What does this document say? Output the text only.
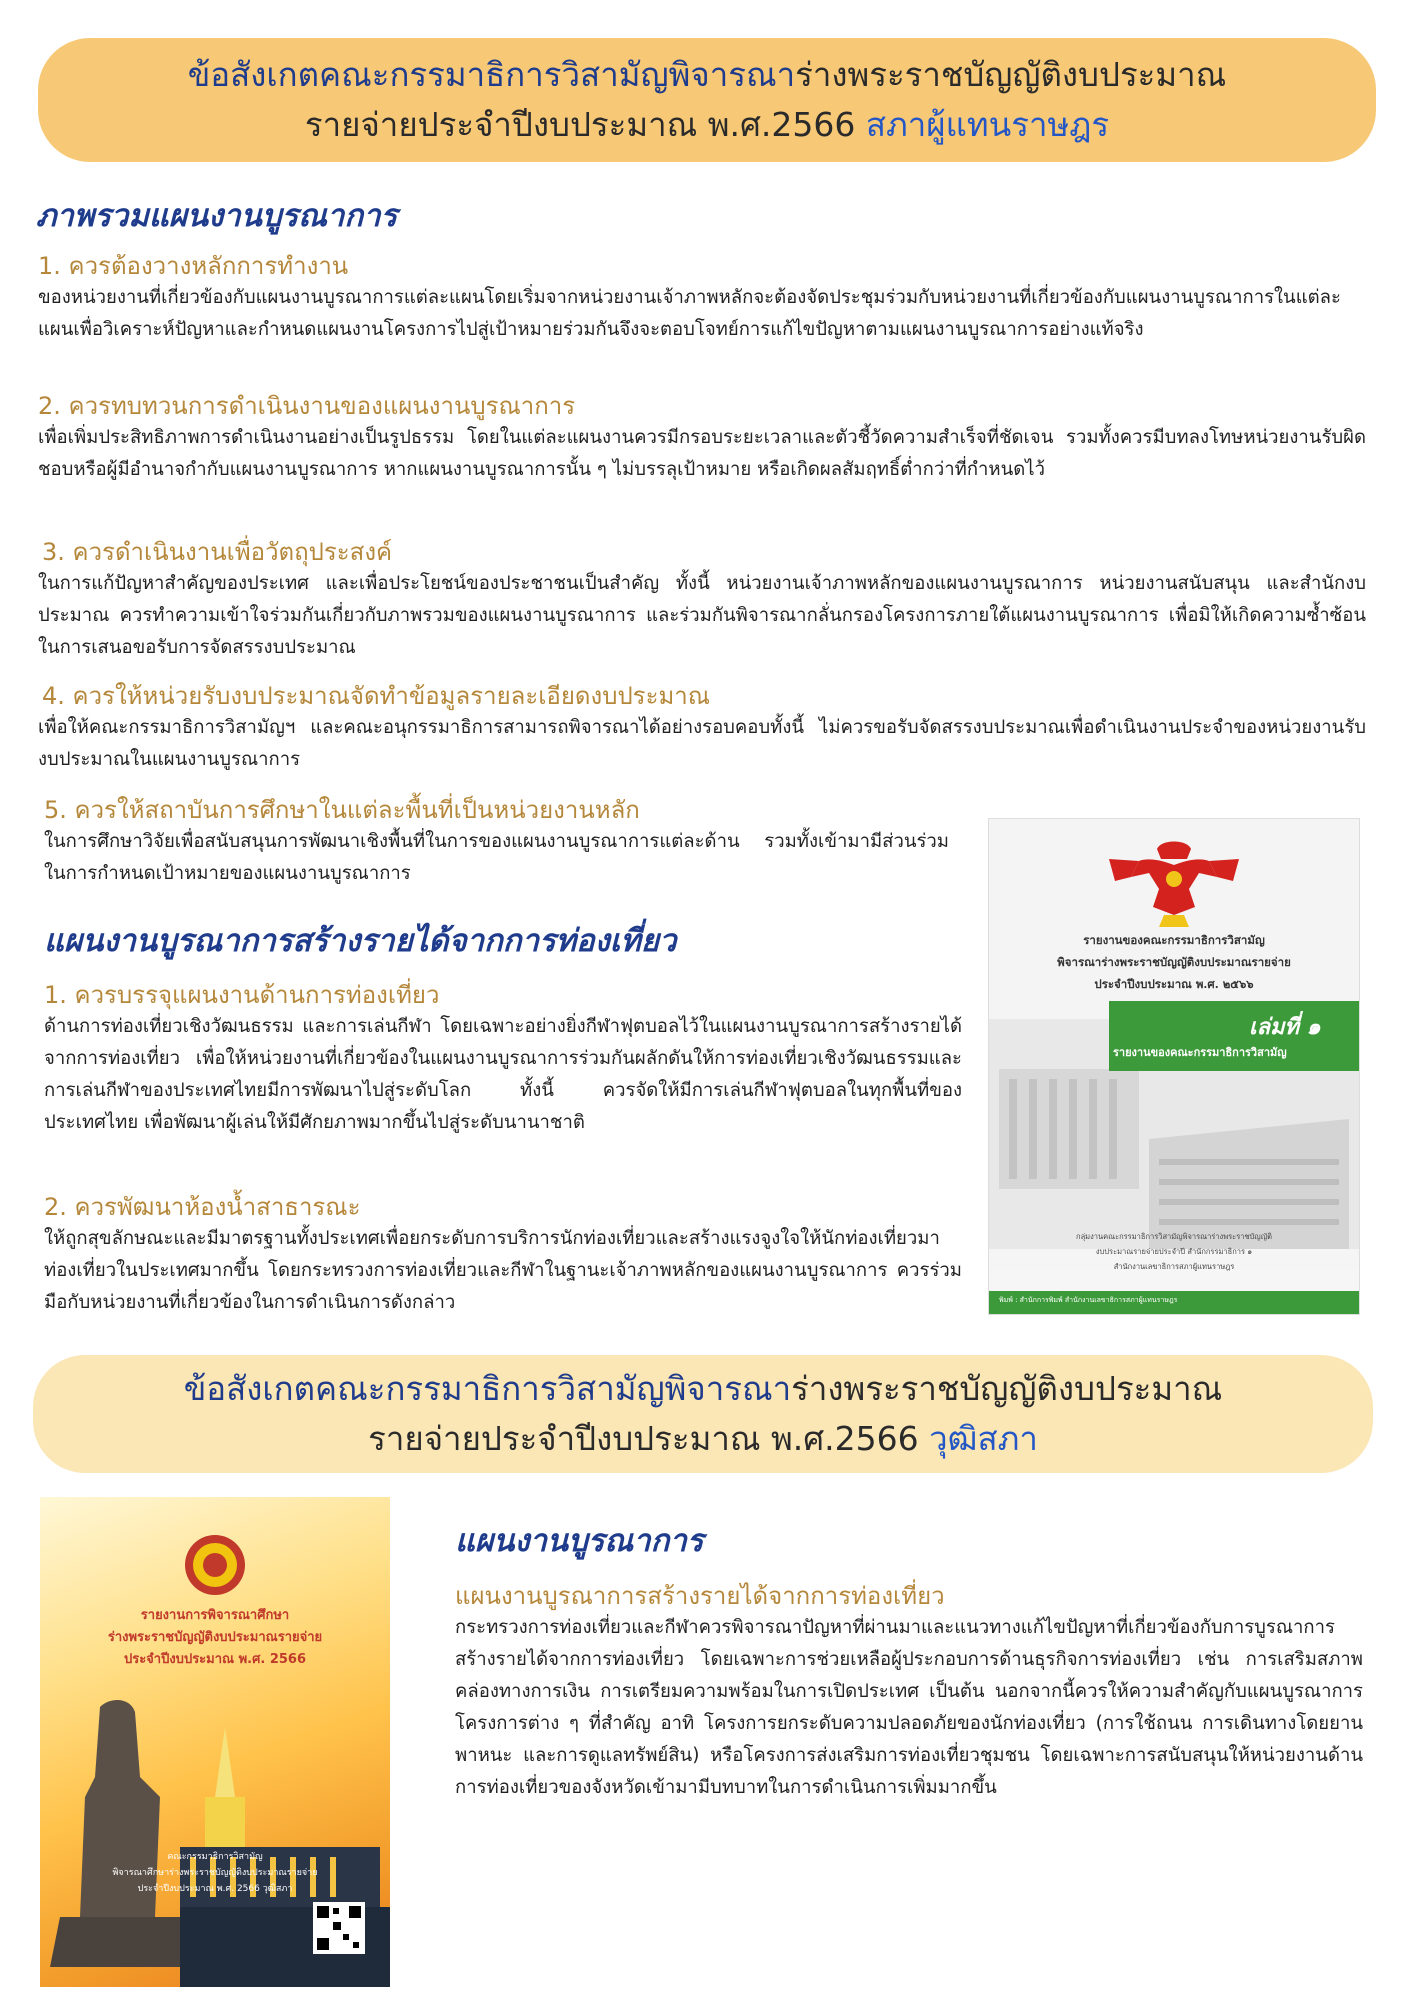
ข้อสังเกตคณะกรรมาธิการวิสามัญพิจารณาร่างพระราชบัญญัติงบประมาณ
รายจ่ายประจำปีงบประมาณ พ.ศ.2566 สภาผู้แทนราษฎร
ภาพรวมแผนงานบูรณาการ
1. ควรต้องวางหลักการทำงาน
ของหน่วยงานที่เกี่ยวข้องกับแผนงานบูรณาการแต่ละแผนโดยเริ่มจากหน่วยงานเจ้าภาพหลักจะต้องจัดประชุมร่วมกับหน่วยงานที่เกี่ยวข้องกับแผนงานบูรณาการในแต่ละแผนเพื่อวิเคราะห์ปัญหาและกำหนดแผนงานโครงการไปสู่เป้าหมายร่วมกันจึงจะตอบโจทย์การแก้ไขปัญหาตามแผนงานบูรณาการอย่างแท้จริง
2. ควรทบทวนการดำเนินงานของแผนงานบูรณาการ
เพื่อเพิ่มประสิทธิภาพการดำเนินงานอย่างเป็นรูปธรรม โดยในแต่ละแผนงานควรมีกรอบระยะเวลาและตัวชี้วัดความสำเร็จที่ชัดเจน รวมทั้งควรมีบทลงโทษหน่วยงานรับผิดชอบหรือผู้มีอำนาจกำกับแผนงานบูรณาการ หากแผนงานบูรณาการนั้น ๆ ไม่บรรลุเป้าหมาย หรือเกิดผลสัมฤทธิ์ต่ำกว่าที่กำหนดไว้
3. ควรดำเนินงานเพื่อวัตถุประสงค์
ในการแก้ปัญหาสำคัญของประเทศ และเพื่อประโยชน์ของประชาชนเป็นสำคัญ ทั้งนี้ หน่วยงานเจ้าภาพหลักของแผนงานบูรณาการ หน่วยงานสนับสนุน และสำนักงบประมาณ ควรทำความเข้าใจร่วมกันเกี่ยวกับภาพรวมของแผนงานบูรณาการ และร่วมกันพิจารณากลั่นกรองโครงการภายใต้แผนงานบูรณาการ เพื่อมิให้เกิดความซ้ำซ้อนในการเสนอขอรับการจัดสรรงบประมาณ
4. ควรให้หน่วยรับงบประมาณจัดทำข้อมูลรายละเอียดงบประมาณ
เพื่อให้คณะกรรมาธิการวิสามัญฯ และคณะอนุกรรมาธิการสามารถพิจารณาได้อย่างรอบคอบทั้งนี้ ไม่ควรขอรับจัดสรรงบประมาณเพื่อดำเนินงานประจำของหน่วยงานรับงบประมาณในแผนงานบูรณาการ
5. ควรให้สถาบันการศึกษาในแต่ละพื้นที่เป็นหน่วยงานหลัก
ในการศึกษาวิจัยเพื่อสนับสนุนการพัฒนาเชิงพื้นที่ในการของแผนงานบูรณาการแต่ละด้าน รวมทั้งเข้ามามีส่วนร่วมในการกำหนดเป้าหมายของแผนงานบูรณาการ
แผนงานบูรณาการสร้างรายได้จากการท่องเที่ยว
1. ควรบรรจุแผนงานด้านการท่องเที่ยว
ด้านการท่องเที่ยวเชิงวัฒนธรรม และการเล่นกีฬา โดยเฉพาะอย่างยิ่งกีฬาฟุตบอลไว้ในแผนงานบูรณาการสร้างรายได้จากการท่องเที่ยว เพื่อให้หน่วยงานที่เกี่ยวข้องในแผนงานบูรณาการร่วมกันผลักดันให้การท่องเที่ยวเชิงวัฒนธรรมและการเล่นกีฬาของประเทศไทยมีการพัฒนาไปสู่ระดับโลก ทั้งนี้ ควรจัดให้มีการเล่นกีฬาฟุตบอลในทุกพื้นที่ของประเทศไทย เพื่อพัฒนาผู้เล่นให้มีศักยภาพมากขึ้นไปสู่ระดับนานาชาติ
2. ควรพัฒนาห้องน้ำสาธารณะ
ให้ถูกสุขลักษณะและมีมาตรฐานทั้งประเทศเพื่อยกระดับการบริการนักท่องเที่ยวและสร้างแรงจูงใจให้นักท่องเที่ยวมาท่องเที่ยวในประเทศมากขึ้น โดยกระทรวงการท่องเที่ยวและกีฬาในฐานะเจ้าภาพหลักของแผนงานบูรณาการ ควรร่วมมือกับหน่วยงานที่เกี่ยวข้องในการดำเนินการดังกล่าว
รายงานของคณะกรรมาธิการวิสามัญ
พิจารณาร่างพระราชบัญญัติงบประมาณรายจ่าย
ประจำปีงบประมาณ พ.ศ. ๒๕๖๖
เล่มที่ ๑
รายงานของคณะกรรมาธิการวิสามัญ
กลุ่มงานคณะกรรมาธิการวิสามัญพิจารณาร่างพระราชบัญญัติ
งบประมาณรายจ่ายประจำปี สำนักกรรมาธิการ ๑
สำนักงานเลขาธิการสภาผู้แทนราษฎร
พิมพ์ : สำนักการพิมพ์ สำนักงานเลขาธิการสภาผู้แทนราษฎร
ข้อสังเกตคณะกรรมาธิการวิสามัญพิจารณาร่างพระราชบัญญัติงบประมาณ
รายจ่ายประจำปีงบประมาณ พ.ศ.2566 วุฒิสภา
รายงานการพิจารณาศึกษา
ร่างพระราชบัญญัติงบประมาณรายจ่าย
ประจำปีงบประมาณ พ.ศ. 2566
คณะกรรมาธิการวิสามัญ
พิจารณาศึกษาร่างพระราชบัญญัติงบประมาณรายจ่าย
ประจำปีงบประมาณ พ.ศ. 2566 วุฒิสภา
แผนงานบูรณาการ
แผนงานบูรณาการสร้างรายได้จากการท่องเที่ยว
กระทรวงการท่องเที่ยวและกีฬาควรพิจารณาปัญหาที่ผ่านมาและแนวทางแก้ไขปัญหาที่เกี่ยวข้องกับการบูรณาการสร้างรายได้จากการท่องเที่ยว โดยเฉพาะการช่วยเหลือผู้ประกอบการด้านธุรกิจการท่องเที่ยว เช่น การเสริมสภาพคล่องทางการเงิน การเตรียมความพร้อมในการเปิดประเทศ เป็นต้น นอกจากนี้ควรให้ความสำคัญกับแผนบูรณาการโครงการต่าง ๆ ที่สำคัญ อาทิ โครงการยกระดับความปลอดภัยของนักท่องเที่ยว (การใช้ถนน การเดินทางโดยยานพาหนะ และการดูแลทรัพย์สิน) หรือโครงการส่งเสริมการท่องเที่ยวชุมชน โดยเฉพาะการสนับสนุนให้หน่วยงานด้านการท่องเที่ยวของจังหวัดเข้ามามีบทบาทในการดำเนินการเพิ่มมากขึ้น
